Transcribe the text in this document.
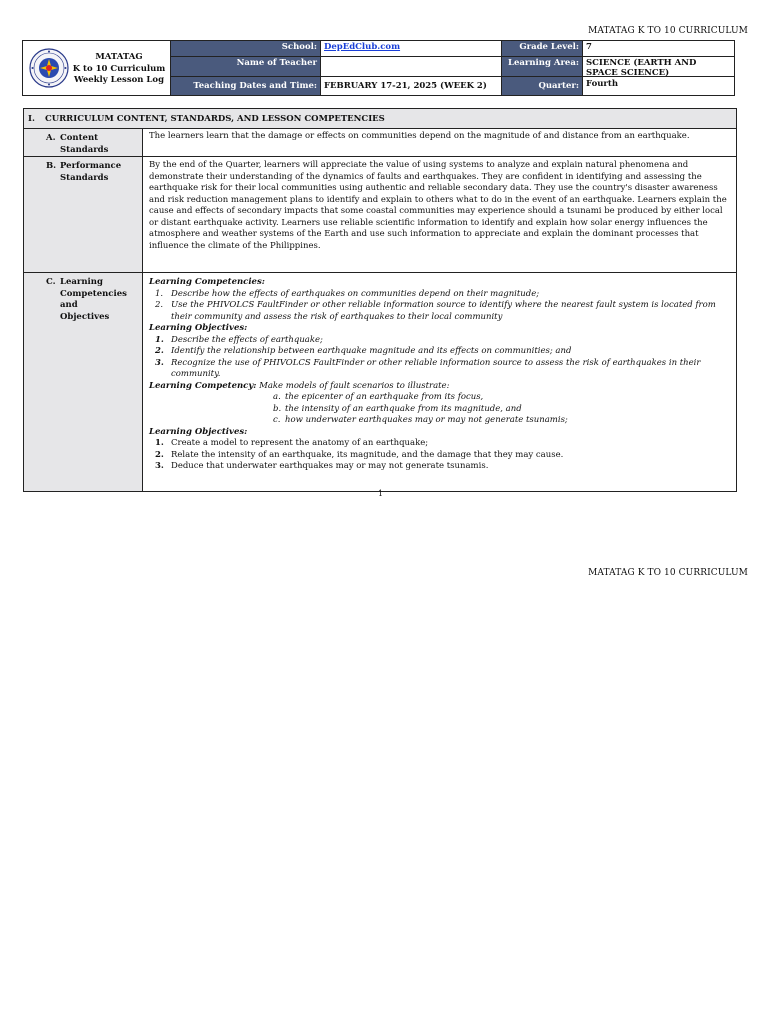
MATATAG K TO 10 CURRICULUM
MATATAG
K to 10 Curriculum
Weekly Lesson Log
School: DepEdClub.com	Grade Level: 7
Name of Teacher	Learning Area: SCIENCE (EARTH AND SPACE SCIENCE)
Teaching Dates and Time: FEBRUARY 17-21, 2025 (WEEK 2)	Quarter: Fourth
I. CURRICULUM CONTENT, STANDARDS, AND LESSON COMPETENCIES
A. Content Standards
The learners learn that the damage or effects on communities depend on the magnitude of and distance from an earthquake.
B. Performance Standards
By the end of the Quarter, learners will appreciate the value of using systems to analyze and explain natural phenomena and demonstrate their understanding of the dynamics of faults and earthquakes. They are confident in identifying and assessing the earthquake risk for their local communities using authentic and reliable secondary data. They use the country's disaster awareness and risk reduction management plans to identify and explain to others what to do in the event of an earthquake. Learners explain the cause and effects of secondary impacts that some coastal communities may experience should a tsunami be produced by either local or distant earthquake activity. Learners use reliable scientific information to identify and explain how solar energy influences the atmosphere and weather systems of the Earth and use such information to appreciate and explain the dominant processes that influence the climate of the Philippines.
C. Learning Competencies and Objectives
Learning Competencies:
1. Describe how the effects of earthquakes on communities depend on their magnitude;
2. Use the PHIVOLCS FaultFinder or other reliable information source to identify where the nearest fault system is located from their community and assess the risk of earthquakes to their local community
Learning Objectives:
1. Describe the effects of earthquake;
2. Identify the relationship between earthquake magnitude and its effects on communities; and
3. Recognize the use of PHIVOLCS FaultFinder or other reliable information source to assess the risk of earthquakes in their community.
Learning Competency: Make models of fault scenarios to illustrate:
a. the epicenter of an earthquake from its focus,
b. the intensity of an earthquake from its magnitude, and
c. how underwater earthquakes may or may not generate tsunamis;
Learning Objectives:
1. Create a model to represent the anatomy of an earthquake;
2. Relate the intensity of an earthquake, its magnitude, and the damage that they may cause.
3. Deduce that underwater earthquakes may or may not generate tsunamis.
1
MATATAG K TO 10 CURRICULUM
